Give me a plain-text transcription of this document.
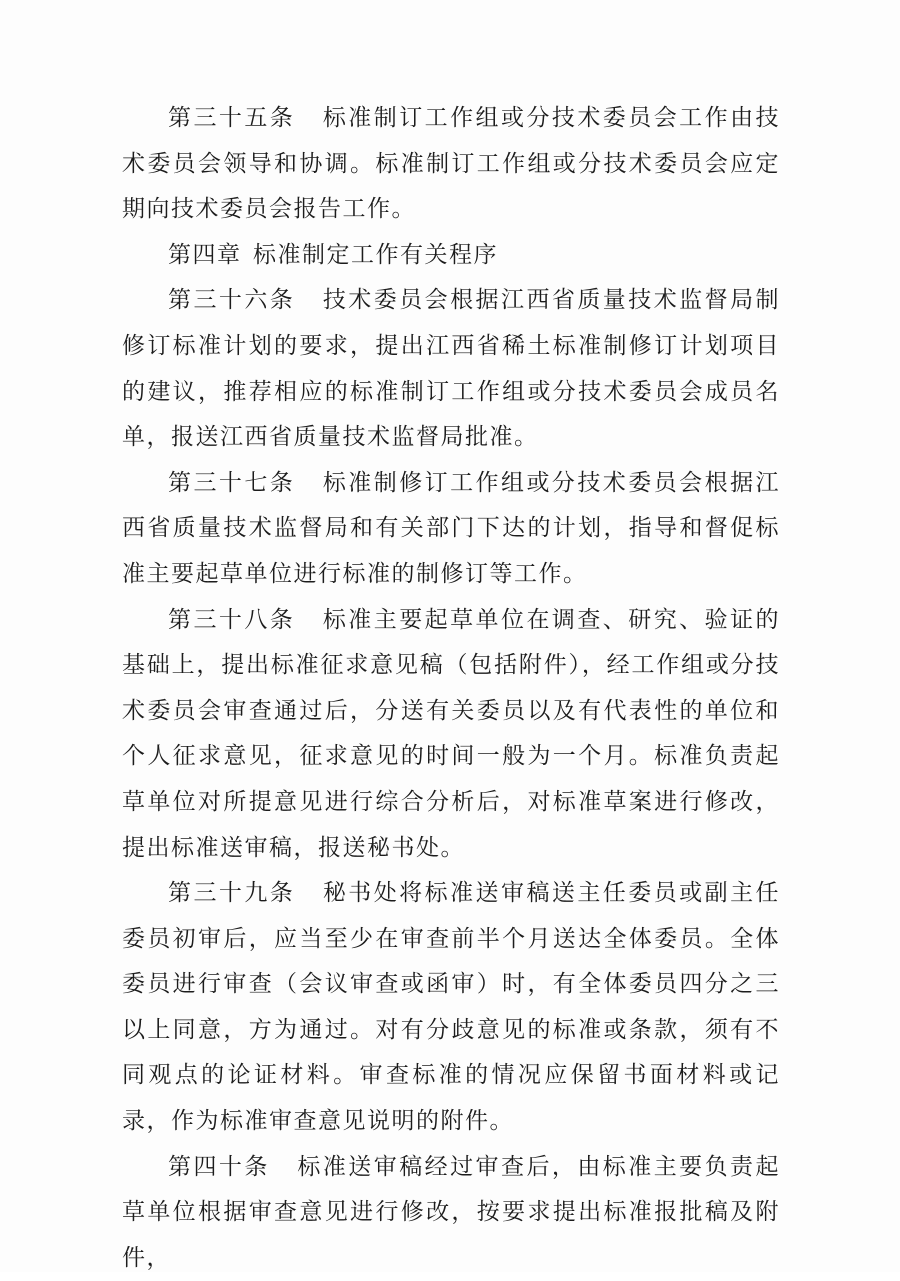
第三十五条 标准制订工作组或分技术委员会工作由技术委员会领导和协调。标准制订工作组或分技术委员会应定期向技术委员会报告工作。

第四章 标准制定工作有关程序

第三十六条 技术委员会根据江西省质量技术监督局制修订标准计划的要求，提出江西省稀土标准制修订计划项目的建议，推荐相应的标准制订工作组或分技术委员会成员名单，报送江西省质量技术监督局批准。

第三十七条 标准制修订工作组或分技术委员会根据江西省质量技术监督局和有关部门下达的计划，指导和督促标准主要起草单位进行标准的制修订等工作。

第三十八条 标准主要起草单位在调查、研究、验证的基础上，提出标准征求意见稿（包括附件），经工作组或分技术委员会审查通过后，分送有关委员以及有代表性的单位和个人征求意见，征求意见的时间一般为一个月。标准负责起草单位对所提意见进行综合分析后，对标准草案进行修改，提出标准送审稿，报送秘书处。

第三十九条 秘书处将标准送审稿送主任委员或副主任委员初审后，应当至少在审查前半个月送达全体委员。全体委员进行审查（会议审查或函审）时，有全体委员四分之三以上同意，方为通过。对有分歧意见的标准或条款，须有不同观点的论证材料。审查标准的情况应保留书面材料或记录，作为标准审查意见说明的附件。

第四十条 标准送审稿经过审查后，由标准主要负责起草单位根据审查意见进行修改，按要求提出标准报批稿及附件，
